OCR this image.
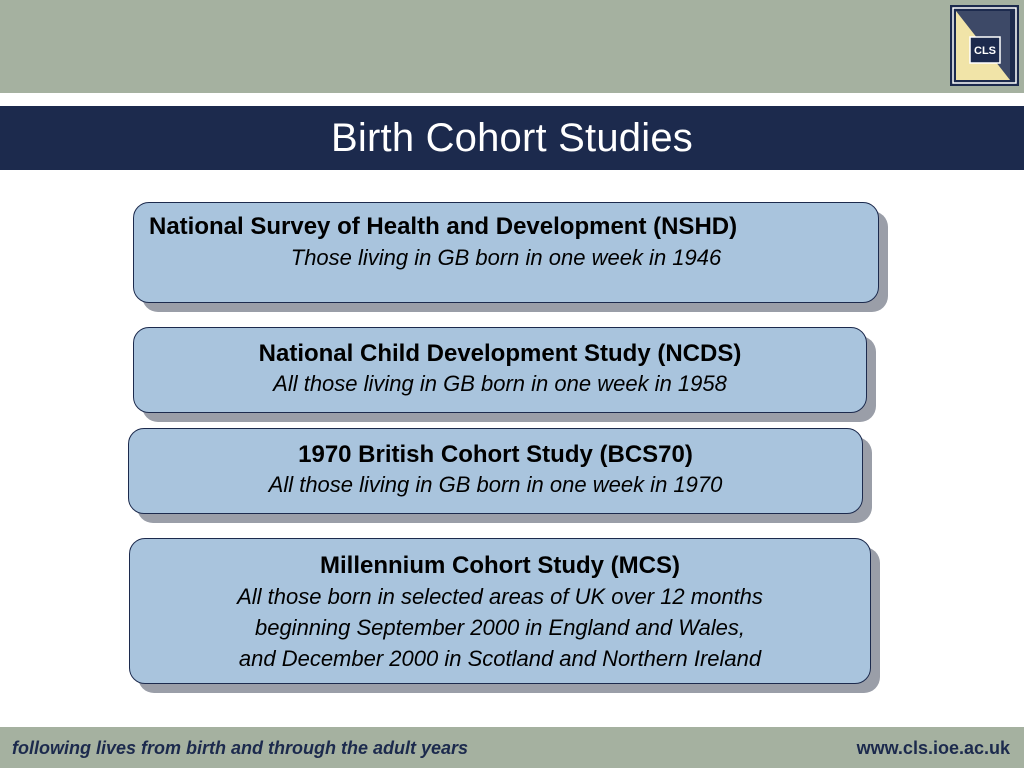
CLS
Birth Cohort Studies
National Survey of Health and Development (NSHD)
Those living in GB born in one week in 1946
National Child Development Study (NCDS)
All those living in GB born in one week in 1958
1970 British Cohort Study (BCS70)
All those living in GB born in one week in 1970
Millennium Cohort Study (MCS)
All those born in selected areas of UK over 12 months
beginning September 2000 in England and Wales,
and December 2000 in Scotland and Northern Ireland
following lives from birth and through the adult years	www.cls.ioe.ac.uk
